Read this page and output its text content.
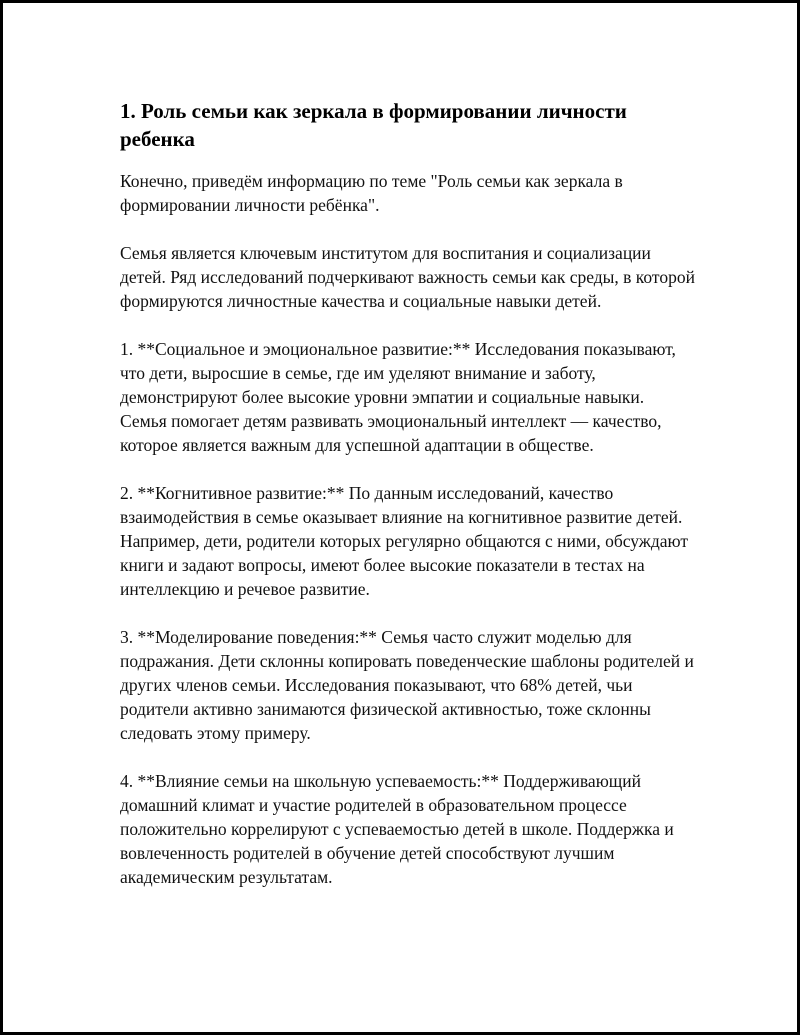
1. Роль семьи как зеркала в формировании личности ребенка

Конечно, приведём информацию по теме "Роль семьи как зеркала в формировании личности ребёнка".

Семья является ключевым институтом для воспитания и социализации детей. Ряд исследований подчеркивают важность семьи как среды, в которой формируются личностные качества и социальные навыки детей.

1. **Социальное и эмоциональное развитие:** Исследования показывают, что дети, выросшие в семье, где им уделяют внимание и заботу, демонстрируют более высокие уровни эмпатии и социальные навыки. Семья помогает детям развивать эмоциональный интеллект — качество, которое является важным для успешной адаптации в обществе.

2. **Когнитивное развитие:** По данным исследований, качество взаимодействия в семье оказывает влияние на когнитивное развитие детей. Например, дети, родители которых регулярно общаются с ними, обсуждают книги и задают вопросы, имеют более высокие показатели в тестах на интеллекцию и речевое развитие.

3. **Моделирование поведения:** Семья часто служит моделью для подражания. Дети склонны копировать поведенческие шаблоны родителей и других членов семьи. Исследования показывают, что 68% детей, чьи родители активно занимаются физической активностью, тоже склонны следовать этому примеру.

4. **Влияние семьи на школьную успеваемость:** Поддерживающий домашний климат и участие родителей в образовательном процессе положительно коррелируют с успеваемостью детей в школе. Поддержка и вовлеченность родителей в обучение детей способствуют лучшим академическим результатам.
